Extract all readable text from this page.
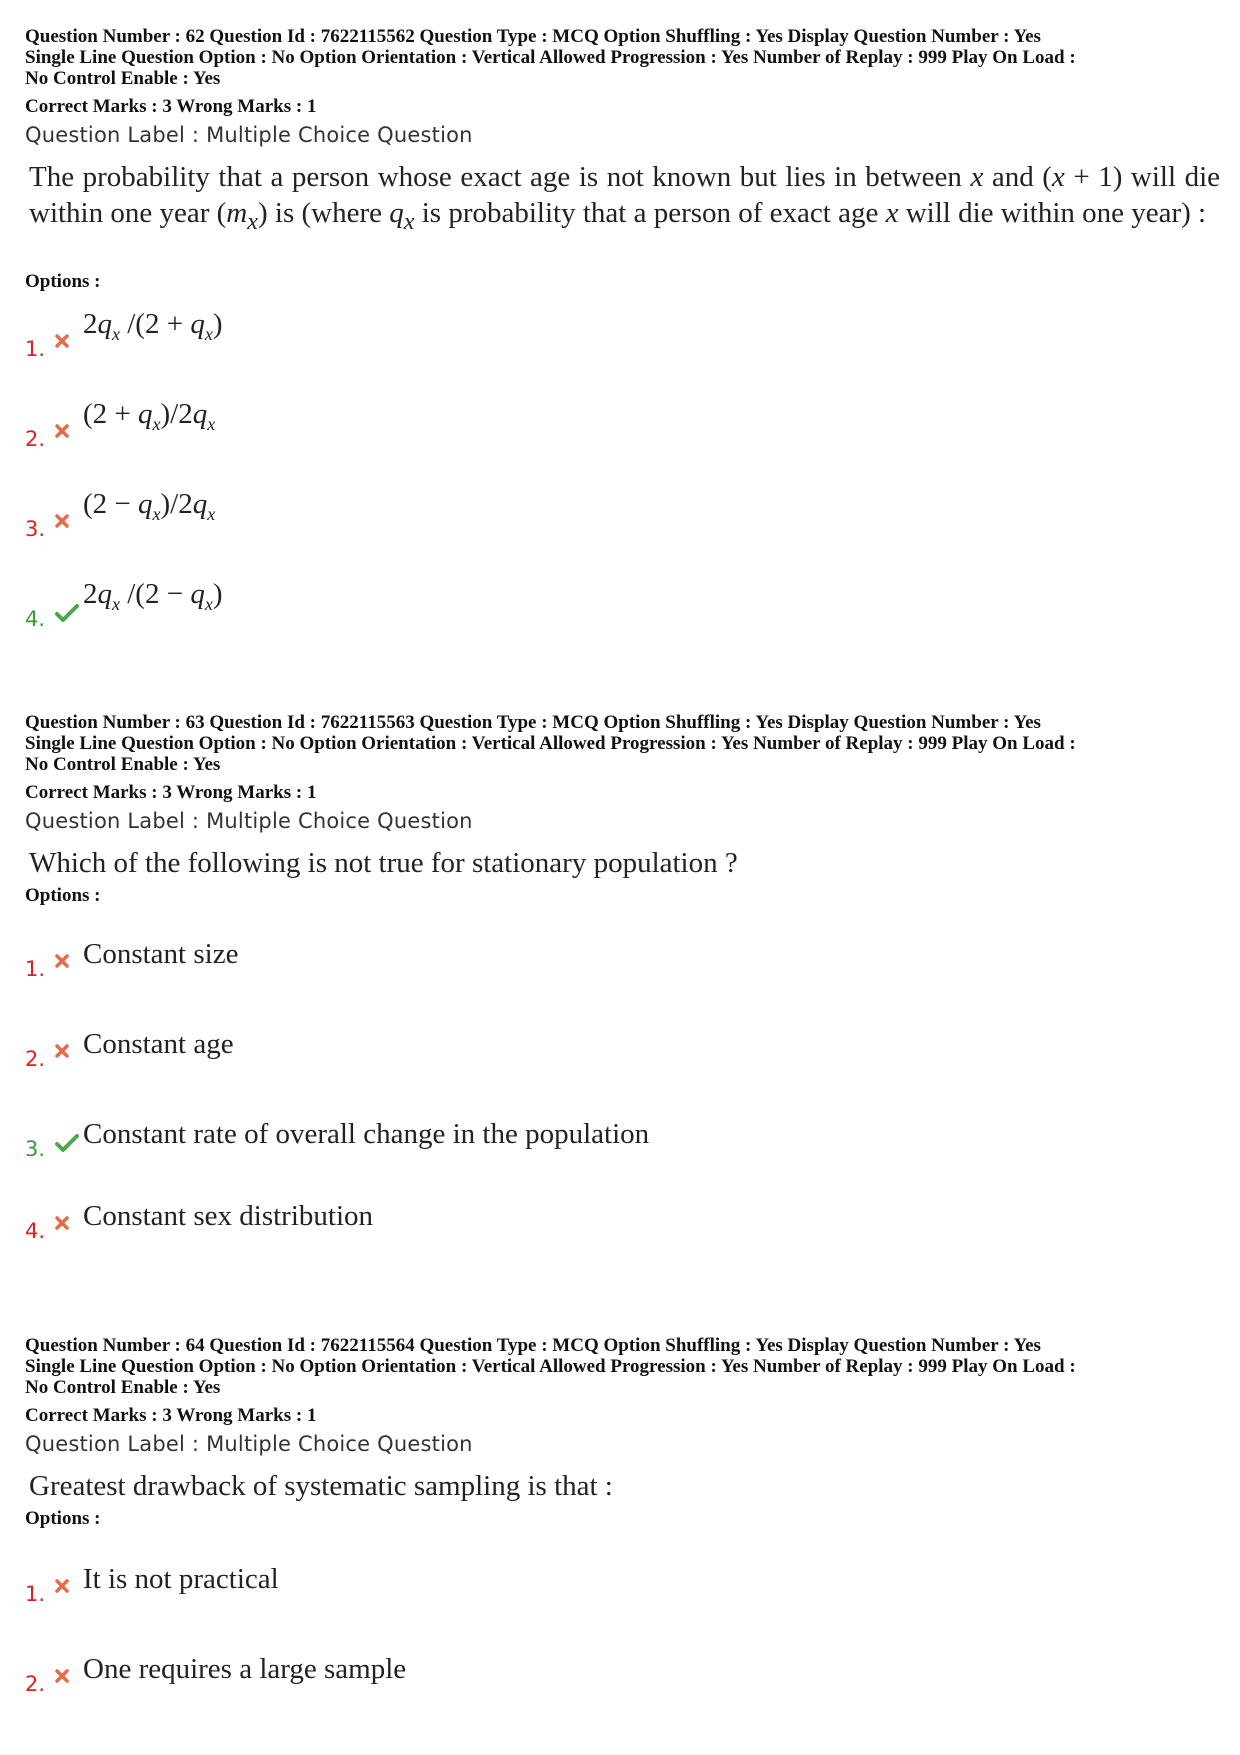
Question Number : 62 Question Id : 7622115562 Question Type : MCQ Option Shuffling : Yes Display Question Number : Yes
Single Line Question Option : No Option Orientation : Vertical Allowed Progression : Yes Number of Replay : 999 Play On Load :
No Control Enable : Yes
Correct Marks : 3 Wrong Marks : 1
Question Label : Multiple Choice Question
The probability that a person whose exact age is not known but lies in between x and (x + 1) will die within one year $(m_x)$ is (where $q_x$ is probability that a person of exact age x will die within one year) :
Options :
1.
$2q_x$ $/(2 + q_x)$
2.
$(2 + q_x)/2q_x$
3.
$(2 - q_x)/2q_x$
4.
$2q_x$ $/(2 - q_x)$
Question Number : 63 Question Id : 7622115563 Question Type : MCQ Option Shuffling : Yes Display Question Number : Yes
Single Line Question Option : No Option Orientation : Vertical Allowed Progression : Yes Number of Replay : 999 Play On Load :
No Control Enable : Yes
Correct Marks : 3 Wrong Marks : 1
Question Label : Multiple Choice Question
Which of the following is not true for stationary population ?
Options :
1.	Constant size
2.	Constant age
3.	Constant rate of overall change in the population
4.	Constant sex distribution
Question Number : 64 Question Id : 7622115564 Question Type : MCQ Option Shuffling : Yes Display Question Number : Yes
Single Line Question Option : No Option Orientation : Vertical Allowed Progression : Yes Number of Replay : 999 Play On Load :
No Control Enable : Yes
Correct Marks : 3 Wrong Marks : 1
Question Label : Multiple Choice Question
Greatest drawback of systematic sampling is that :
Options :
1.	It is not practical
2.	One requires a large sample
